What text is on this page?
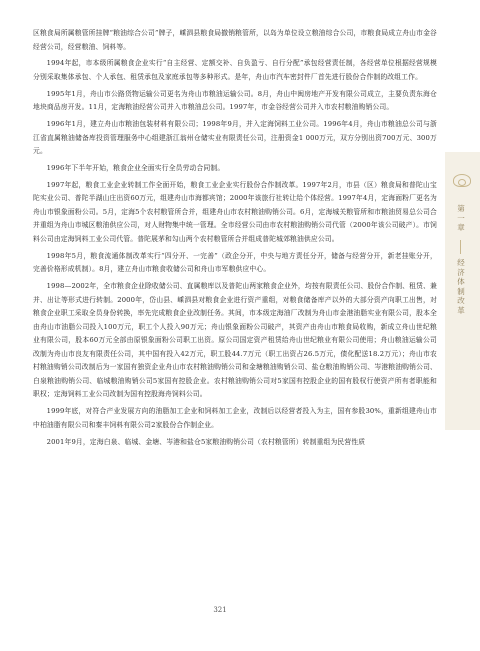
区粮食局所属粮管所挂牌“粮油综合公司”牌子，嵊泗县粮食局撤销粮管所，以岛为单位设立粮油综合公司，市粮食局成立舟山市金谷经营公司，经营粮油、饲料等。

1994年起，市本级所属粮食企业实行“自主经营、定额交补、自负盈亏、自行分配”承包经营责任制，各经营单位根据经营规模分别采取集体承包、个人承包、租赁承包及家庭承包等多种形式。是年，舟山市汽车密封件厂首先进行股份合作制的改组工作。

1995年1月，舟山市公路货物运输公司更名为舟山市粮油运输公司。8月，舟山中闽房地产开发有限公司成立，主要负责东海仓地块商品房开发。11月，定海粮油经营公司并入市粮油总公司。1997年，市金谷经营公司并入市农村粮油购销公司。

1996年1月，建立舟山市粮油包装材料有限公司；1998年9月，并入定海饲料工业公司。1996年4月，舟山市粮油总公司与浙江省直属粮油储备库投资管理服务中心组建浙江翁州仓储实业有限责任公司，注册资金1 000万元，双方分别出资700万元、300万元。

1996年下半年开始，粮食企业全面实行全员劳动合同制。

1997年起，粮食工业企业转制工作全面开始，粮食工业企业实行股份合作制改革。1997年2月，市县（区）粮食局和普陀山宝陀实业公司、普陀半湖山庄出资60万元，组建舟山市海都宾馆；2000年该旅行社转让给个体经营。1997年4月，定海面粉厂更名为舟山市银象面粉公司。5月，定海5个农村粮管所合并，组建舟山市农村粮油购销公司。6月，定海城关粮管所和市粮油贸易总公司合并重组为舟山市城区粮油供应公司，对人财物集中统一管理。全市经营公司由市农村粮油购销公司代管（2000年该公司破产）。市饲料公司由定海饲料工业公司代管。普陀展茅和勾山两个农村粮管所合并组成普陀城郊粮油供应公司。

1998年5月，粮食流通体制改革实行“四分开、一完善”（政企分开，中央与地方责任分开，储备与经营分开，新老挂账分开，完善价格形成机制）。8月，建立舟山市粮食收储公司和舟山市军粮供应中心。

1998—2002年，全市粮食企业除收储公司、直属粮库以及普陀山两家粮食企业外，均按有限责任公司、股份合作制、租赁、兼并、出让等形式进行转制。2000年，岱山县、嵊泗县对粮食企业进行资产重组，对粮食储备库产以外的大部分资产向职工出售，对粮食企业职工采取全员身份转换，率先完成粮食企业改制任务。其间，市本级定海油厂改制为舟山市金港油脂实业有限公司，股本全由舟山市油脂公司投入100万元，职工个人投入90万元；舟山银象面粉公司破产，其资产由舟山市粮食局收购，新成立舟山世纪粮业有限公司，股本60万元全部由原银象面粉公司职工出资。原公司国定资产租赁给舟山世纪粮业有限公司使用；舟山粮油运输公司改制为舟山市良友有限责任公司，其中国有投入42万元，职工股44.7万元（职工出资占26.5万元，债化配送18.2万元）；舟山市农村粮油购销公司改制后为一家国有独资企业舟山市农村粮油购销公司和金塘粮油购销公司、盐仓粮油购销公司、岑港粮油购销公司、白泉粮油购销公司、临城粮油购销公司5家国有控股企业。农村粮油购销公司对5家国有控股企业的国有股权行使资产所有者职能和职权；定海饲料工业公司改制为国有控股海舟饲料公司。

1999年底，对符合产业发展方向的油脂加工企业和饲料加工企业，改制后以经营者投入为主，国有参股30%，重新组建舟山市中柏油脂有限公司和秦丰饲料有限公司2家股份合作制企业。

2001年9月，定海白泉、临城、金塘、岑港和盐仓5家粮油购销公司（农村粮管所）转制重组为民营性质

第一章
经济体制改革
321
